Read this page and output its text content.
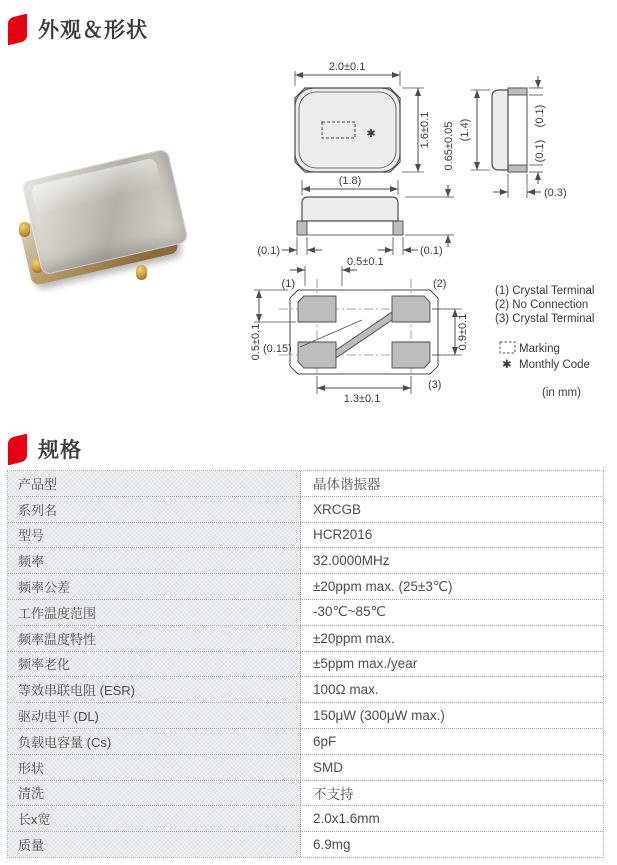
外观＆形状
✱
2.0±0.1
1.6±0.1 0.65±0.05
(1.8)
(0.1)	(0.1)
(1.4)
(0.1)
(0.1)
(0.3)
(1)	(2)
(3)
0.5±0.1
0.5±0.1 (0.15)	0.9±0.1
1.3±0.1
(1) Crystal Terminal
(2) No Connection
(3) Crystal Terminal
Marking
✱ Monthly Code
(in mm)
规格
产品型	晶体谐振器
系列名	XRCGB
型号	HCR2016
频率	32.0000MHz
频率公差	±20ppm max. (25±3℃)
工作温度范围	-30℃~85℃
频率温度特性	±20ppm max.
频率老化	±5ppm max./year
等效串联电阻 (ESR)	100Ω max.
驱动电平 (DL)	150μW (300μW max.)
负载电容量 (Cs)	6pF
形状	SMD
清洗	不支持
长x宽	2.0x1.6mm
质量	6.9mg
